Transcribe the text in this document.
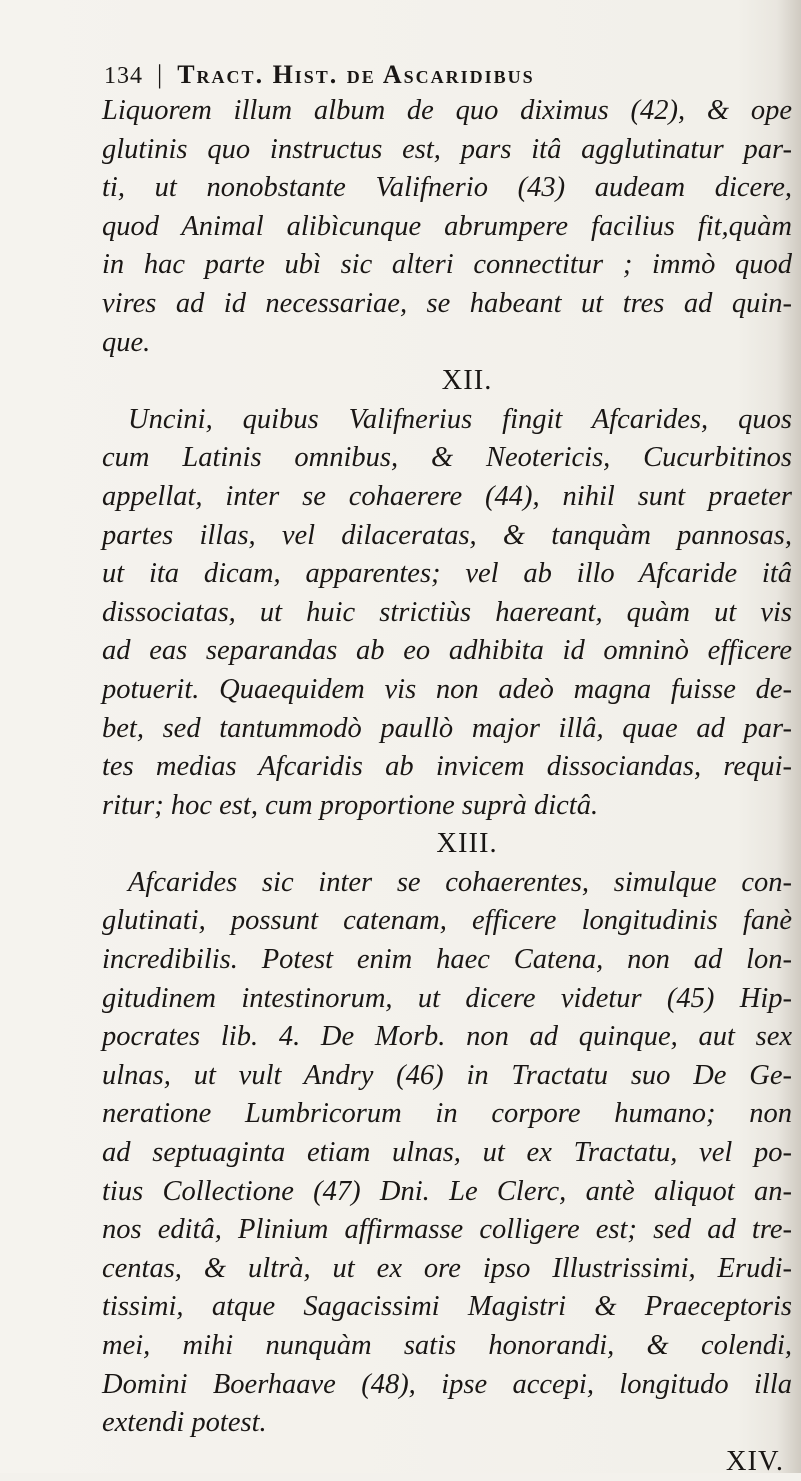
134 | Tract. Hist. de Ascaridibus
Liquorem illum album de quo diximus (42), & ope
glutinis quo instructus est, pars itâ agglutinatur par-
ti, ut nonobstante Valifnerio (43) audeam dicere,
quod Animal alibìcunque abrumpere facilius fit,quàm
in hac parte ubì sic alteri connectitur ; immò quod
vires ad id necessariae, se habeant ut tres ad quin-
que.
XII.
Uncini, quibus Valifnerius fingit Afcarides, quos
cum Latinis omnibus, & Neotericis, Cucurbitinos
appellat, inter se cohaerere (44), nihil sunt praeter
partes illas, vel dilaceratas, & tanquàm pannosas,
ut ita dicam, apparentes; vel ab illo Afcaride itâ
dissociatas, ut huic strictiùs haereant, quàm ut vis
ad eas separandas ab eo adhibita id omninò efficere
potuerit. Quaequidem vis non adeò magna fuisse de-
bet, sed tantummodò paullò major illâ, quae ad par-
tes medias Afcaridis ab invicem dissociandas, requi-
ritur; hoc est, cum proportione suprà dictâ.
XIII.
Afcarides sic inter se cohaerentes, simulque con-
glutinati, possunt catenam, efficere longitudinis fanè
incredibilis. Potest enim haec Catena, non ad lon-
gitudinem intestinorum, ut dicere videtur (45) Hip-
pocrates lib. 4. De Morb. non ad quinque, aut sex
ulnas, ut vult Andry (46) in Tractatu suo De Ge-
neratione Lumbricorum in corpore humano; non
ad septuaginta etiam ulnas, ut ex Tractatu, vel po-
tius Collectione (47) Dni. Le Clerc, antè aliquot an-
nos editâ, Plinium affirmasse colligere est; sed ad tre-
centas, & ultrà, ut ex ore ipso Illustrissimi, Erudi-
tissimi, atque Sagacissimi Magistri & Praeceptoris
mei, mihi nunquàm satis honorandi, & colendi,
Domini Boerhaave (48), ipse accepi, longitudo illa
extendi potest.
XIV.
